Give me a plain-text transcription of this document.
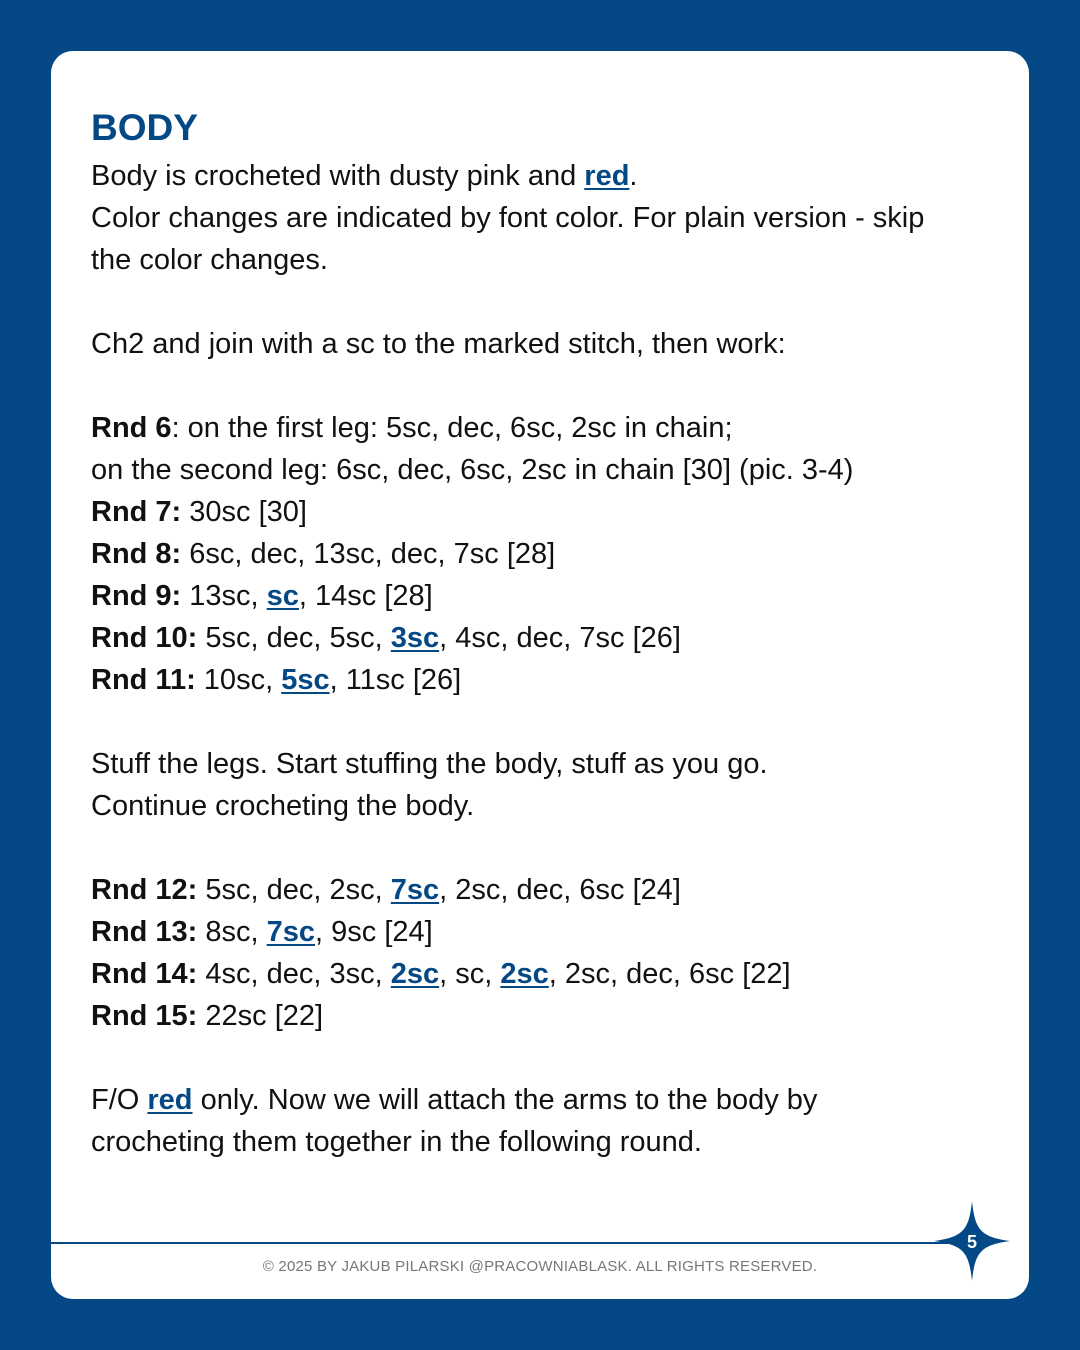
BODY
Body is crocheted with dusty pink and red.
Color changes are indicated by font color. For plain version - skip
the color changes.
Ch2 and join with a sc to the marked stitch, then work:
Rnd 6: on the first leg: 5sc, dec, 6sc, 2sc in chain;
on the second leg: 6sc, dec, 6sc, 2sc in chain [30] (pic. 3-4)
Rnd 7: 30sc [30]
Rnd 8: 6sc, dec, 13sc, dec, 7sc [28]
Rnd 9: 13sc, sc, 14sc [28]
Rnd 10: 5sc, dec, 5sc, 3sc, 4sc, dec, 7sc [26]
Rnd 11: 10sc, 5sc, 11sc [26]
Stuff the legs. Start stuffing the body, stuff as you go.
Continue crocheting the body.
Rnd 12: 5sc, dec, 2sc, 7sc, 2sc, dec, 6sc [24]
Rnd 13: 8sc, 7sc, 9sc [24]
Rnd 14: 4sc, dec, 3sc, 2sc, sc, 2sc, 2sc, dec, 6sc [22]
Rnd 15: 22sc [22]
F/O red only. Now we will attach the arms to the body by
crocheting them together in the following round.
© 2025 BY JAKUB PILARSKI @PRACOWNIABLASK. ALL RIGHTS RESERVED.
5
